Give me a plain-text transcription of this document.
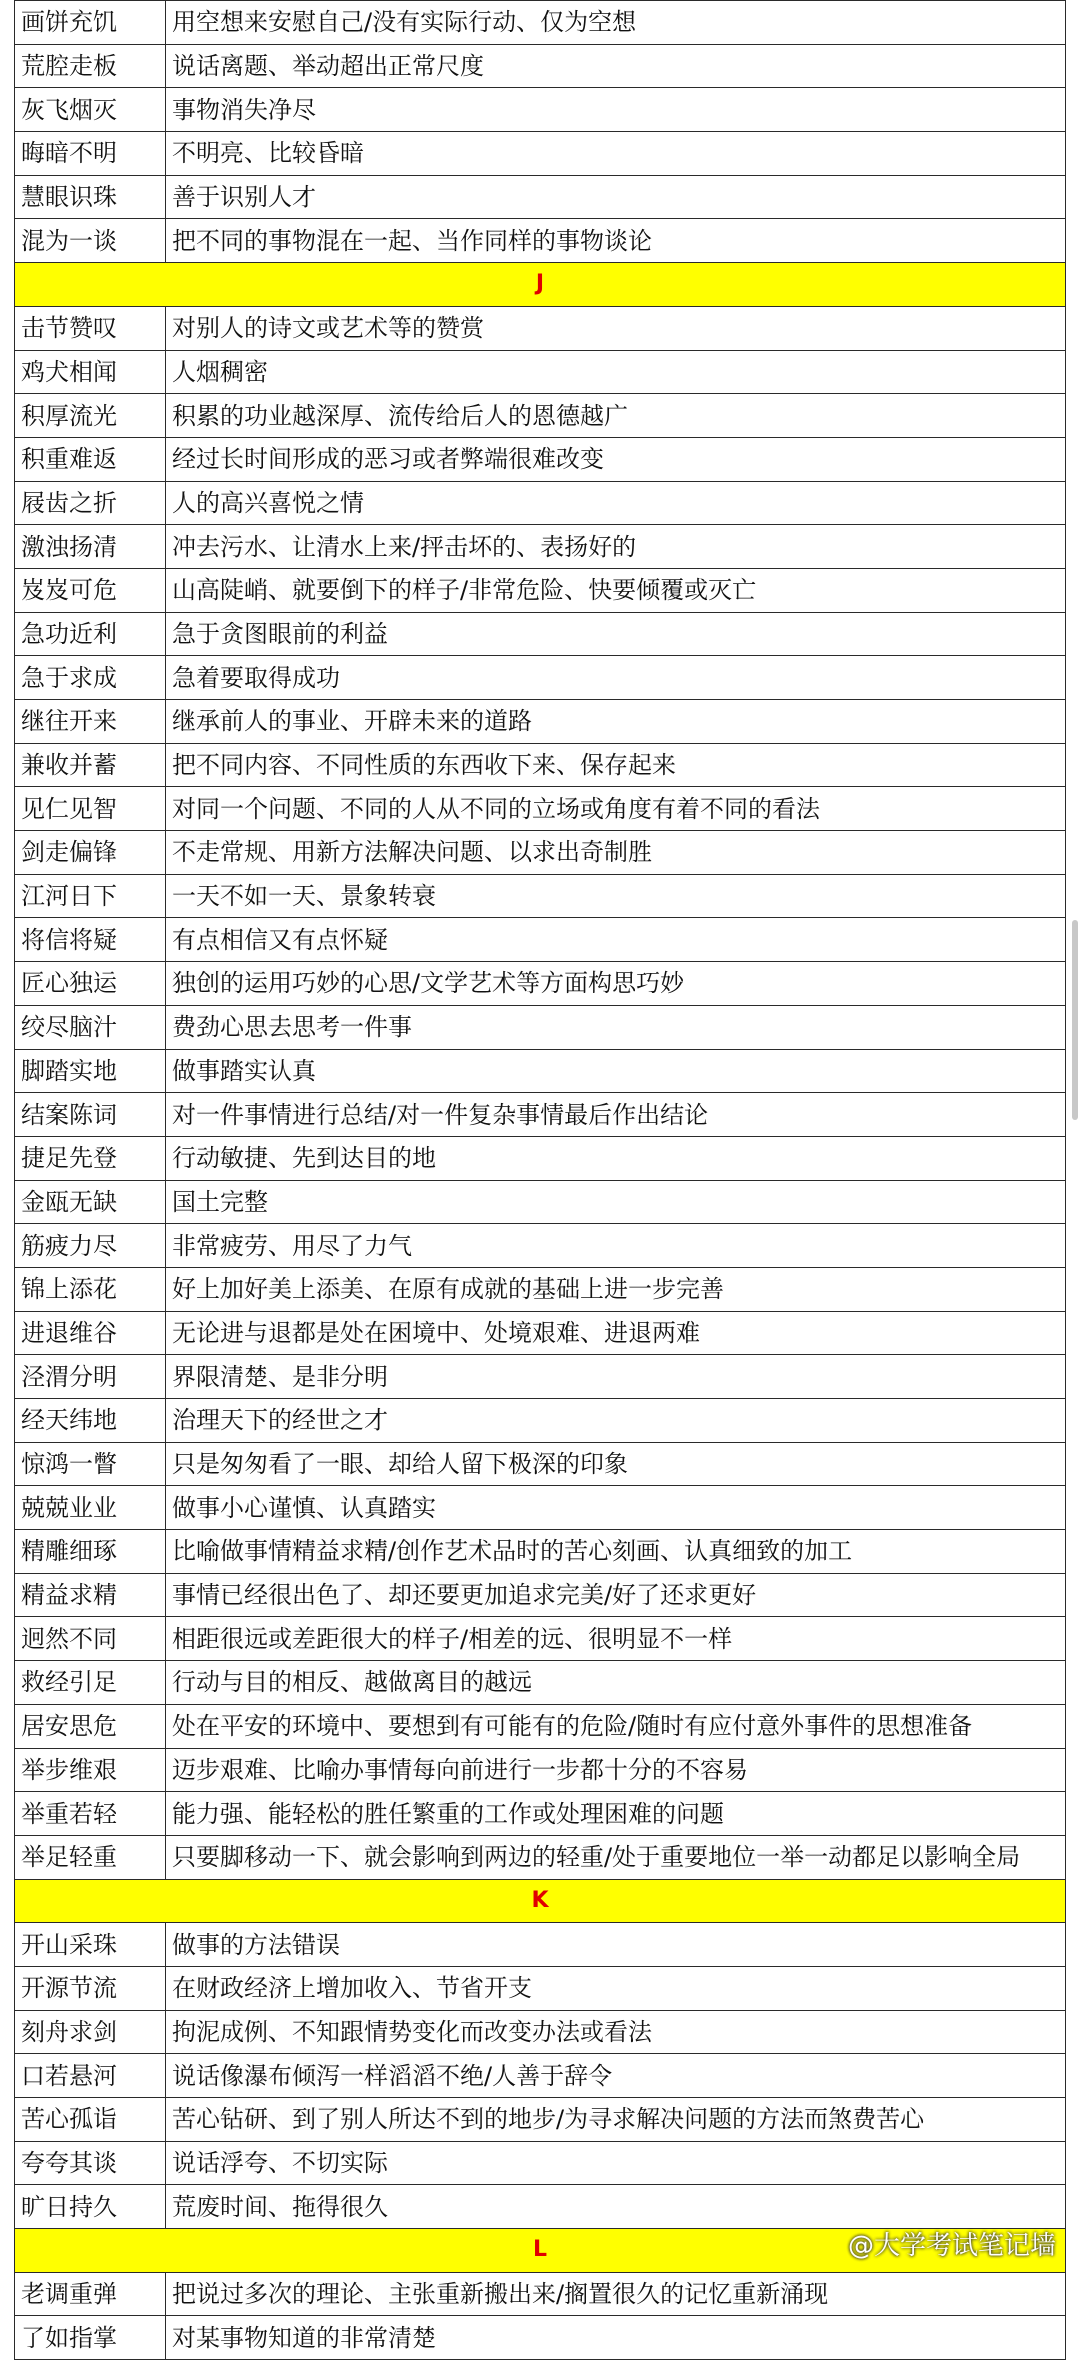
画饼充饥	用空想来安慰自己/没有实际行动、仅为空想
荒腔走板	说话离题、举动超出正常尺度
灰飞烟灭	事物消失净尽
晦暗不明	不明亮、比较昏暗
慧眼识珠	善于识别人才
混为一谈	把不同的事物混在一起、当作同样的事物谈论
J	
击节赞叹	对别人的诗文或艺术等的赞赏
鸡犬相闻	人烟稠密
积厚流光	积累的功业越深厚、流传给后人的恩德越广
积重难返	经过长时间形成的恶习或者弊端很难改变
屐齿之折	人的高兴喜悦之情
激浊扬清	冲去污水、让清水上来/抨击坏的、表扬好的
岌岌可危	山高陡峭、就要倒下的样子/非常危险、快要倾覆或灭亡
急功近利	急于贪图眼前的利益
急于求成	急着要取得成功
继往开来	继承前人的事业、开辟未来的道路
兼收并蓄	把不同内容、不同性质的东西收下来、保存起来
见仁见智	对同一个问题、不同的人从不同的立场或角度有着不同的看法
剑走偏锋	不走常规、用新方法解决问题、以求出奇制胜
江河日下	一天不如一天、景象转衰
将信将疑	有点相信又有点怀疑
匠心独运	独创的运用巧妙的心思/文学艺术等方面构思巧妙
绞尽脑汁	费劲心思去思考一件事
脚踏实地	做事踏实认真
结案陈词	对一件事情进行总结/对一件复杂事情最后作出结论
捷足先登	行动敏捷、先到达目的地
金瓯无缺	国土完整
筋疲力尽	非常疲劳、用尽了力气
锦上添花	好上加好美上添美、在原有成就的基础上进一步完善
进退维谷	无论进与退都是处在困境中、处境艰难、进退两难
泾渭分明	界限清楚、是非分明
经天纬地	治理天下的经世之才
惊鸿一瞥	只是匆匆看了一眼、却给人留下极深的印象
兢兢业业	做事小心谨慎、认真踏实
精雕细琢	比喻做事情精益求精/创作艺术品时的苦心刻画、认真细致的加工
精益求精	事情已经很出色了、却还要更加追求完美/好了还求更好
迥然不同	相距很远或差距很大的样子/相差的远、很明显不一样
救经引足	行动与目的相反、越做离目的越远
居安思危	处在平安的环境中、要想到有可能有的危险/随时有应付意外事件的思想准备
举步维艰	迈步艰难、比喻办事情每向前进行一步都十分的不容易
举重若轻	能力强、能轻松的胜任繁重的工作或处理困难的问题
举足轻重	只要脚移动一下、就会影响到两边的轻重/处于重要地位一举一动都足以影响全局
K	
开山采珠	做事的方法错误
开源节流	在财政经济上增加收入、节省开支
刻舟求剑	拘泥成例、不知跟情势变化而改变办法或看法
口若悬河	说话像瀑布倾泻一样滔滔不绝/人善于辞令
苦心孤诣	苦心钻研、到了别人所达不到的地步/为寻求解决问题的方法而煞费苦心
夸夸其谈	说话浮夸、不切实际
旷日持久	荒废时间、拖得很久
L	
老调重弹	把说过多次的理论、主张重新搬出来/搁置很久的记忆重新涌现
了如指掌	对某事物知道的非常清楚
@大学考试笔记墙
